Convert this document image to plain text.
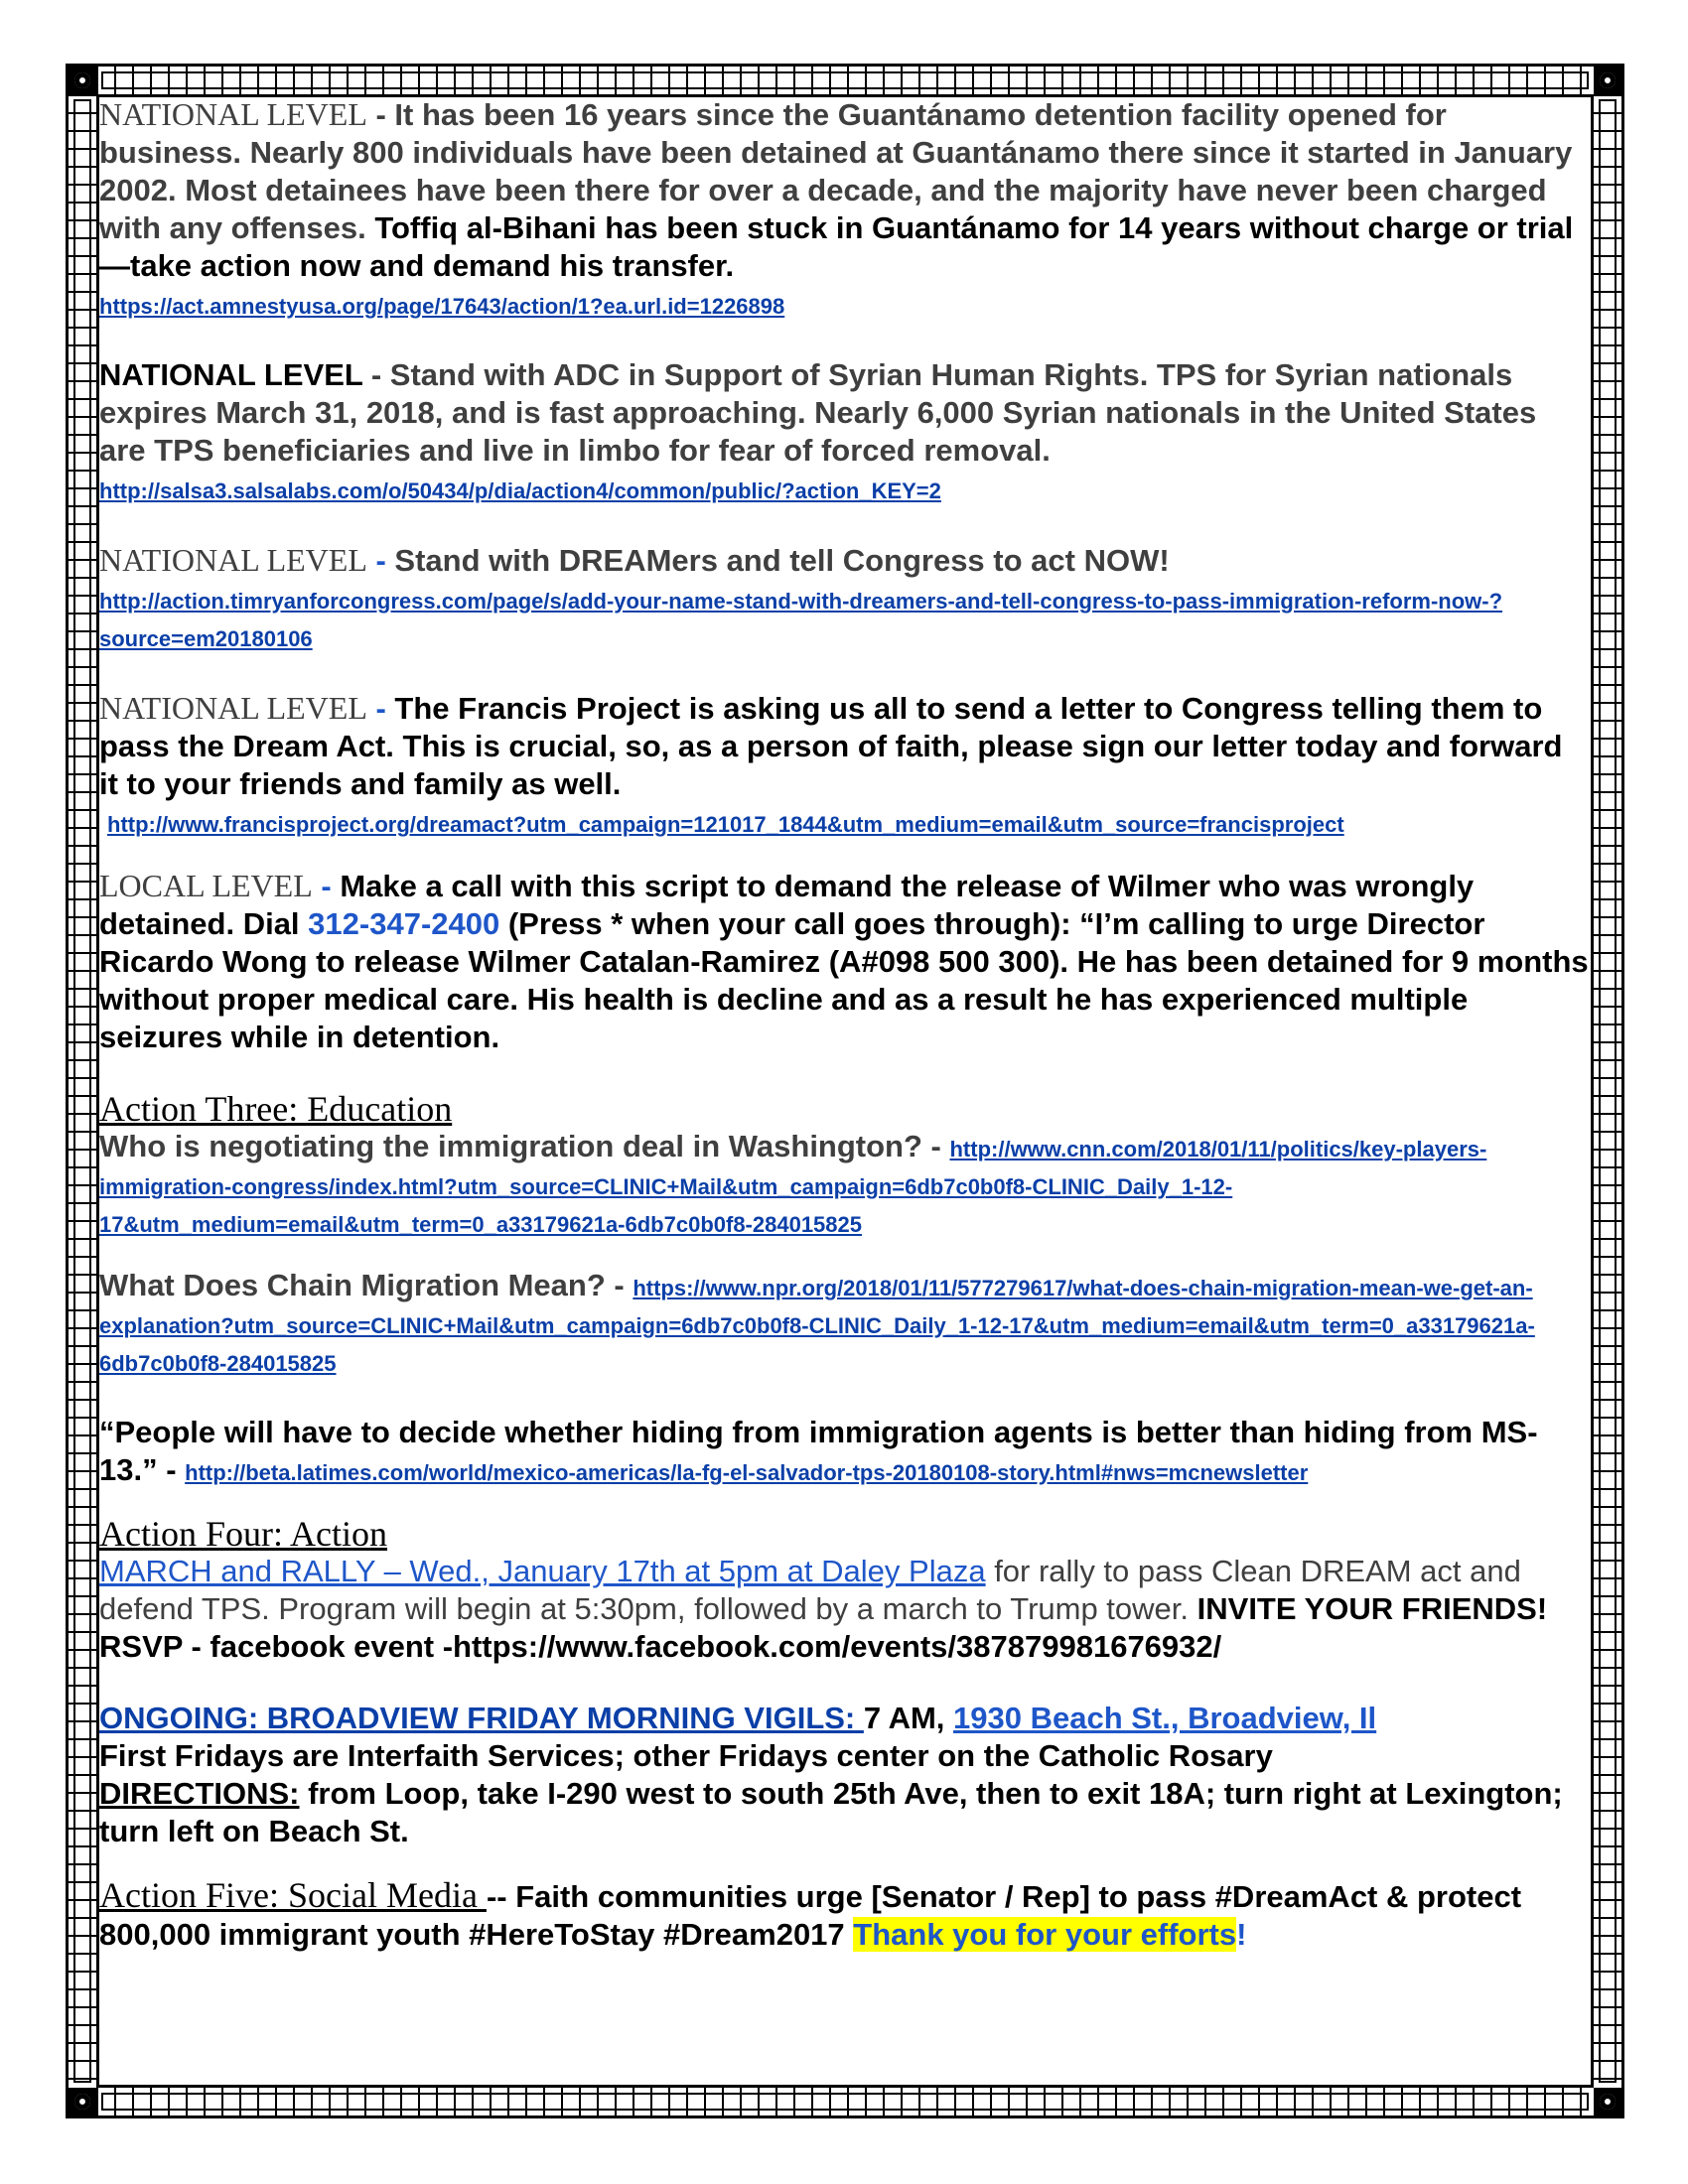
NATIONAL LEVEL - It has been 16 years since the Guantánamo detention facility opened for business. Nearly 800 individuals have been detained at Guantánamo there since it started in January 2002. Most detainees have been there for over a decade, and the majority have never been charged with any offenses. Toffiq al-Bihani has been stuck in Guantánamo for 14 years without charge or trial—take action now and demand his transfer.
https://act.amnestyusa.org/page/17643/action/1?ea.url.id=1226898

NATIONAL LEVEL - Stand with ADC in Support of Syrian Human Rights. TPS for Syrian nationals expires March 31, 2018, and is fast approaching. Nearly 6,000 Syrian nationals in the United States are TPS beneficiaries and live in limbo for fear of forced removal.
http://salsa3.salsalabs.com/o/50434/p/dia/action4/common/public/?action_KEY=2

NATIONAL LEVEL - Stand with DREAMers and tell Congress to act NOW!
http://action.timryanforcongress.com/page/s/add-your-name-stand-with-dreamers-and-tell-congress-to-pass-immigration-reform-now-?source=em20180106

NATIONAL LEVEL - The Francis Project is asking us all to send a letter to Congress telling them to pass the Dream Act. This is crucial, so, as a person of faith, please sign our letter today and forward it to your friends and family as well.
http://www.francisproject.org/dreamact?utm_campaign=121017_1844&utm_medium=email&utm_source=francisproject

LOCAL LEVEL - Make a call with this script to demand the release of Wilmer who was wrongly detained. Dial 312-347-2400 (Press * when your call goes through): “I’m calling to urge Director Ricardo Wong to release Wilmer Catalan-Ramirez (A#098 500 300). He has been detained for 9 months without proper medical care. His health is decline and as a result he has experienced multiple seizures while in detention.

Action Three: Education

Who is negotiating the immigration deal in Washington? - http://www.cnn.com/2018/01/11/politics/key-players-immigration-congress/index.html?utm_source=CLINIC+Mail&utm_campaign=6db7c0b0f8-CLINIC_Daily_1-12-17&utm_medium=email&utm_term=0_a33179621a-6db7c0b0f8-284015825

What Does Chain Migration Mean? - https://www.npr.org/2018/01/11/577279617/what-does-chain-migration-mean-we-get-an-explanation?utm_source=CLINIC+Mail&utm_campaign=6db7c0b0f8-CLINIC_Daily_1-12-17&utm_medium=email&utm_term=0_a33179621a-6db7c0b0f8-284015825

“People will have to decide whether hiding from immigration agents is better than hiding from MS-13.” - http://beta.latimes.com/world/mexico-americas/la-fg-el-salvador-tps-20180108-story.html#nws=mcnewsletter

Action Four: Action

MARCH and RALLY – Wed., January 17th at 5pm at Daley Plaza for rally to pass Clean DREAM act and defend TPS. Program will begin at 5:30pm, followed by a march to Trump tower. INVITE YOUR FRIENDS! RSVP - facebook event -https://www.facebook.com/events/387879981676932/

ONGOING: BROADVIEW FRIDAY MORNING VIGILS: 7 AM, 1930 Beach St., Broadview, Il
First Fridays are Interfaith Services; other Fridays center on the Catholic Rosary
DIRECTIONS: from Loop, take I-290 west to south 25th Ave, then to exit 18A; turn right at Lexington; turn left on Beach St.

Action Five: Social Media -- Faith communities urge [Senator / Rep] to pass #DreamAct & protect 800,000 immigrant youth #HereToStay #Dream2017 Thank you for your efforts!
